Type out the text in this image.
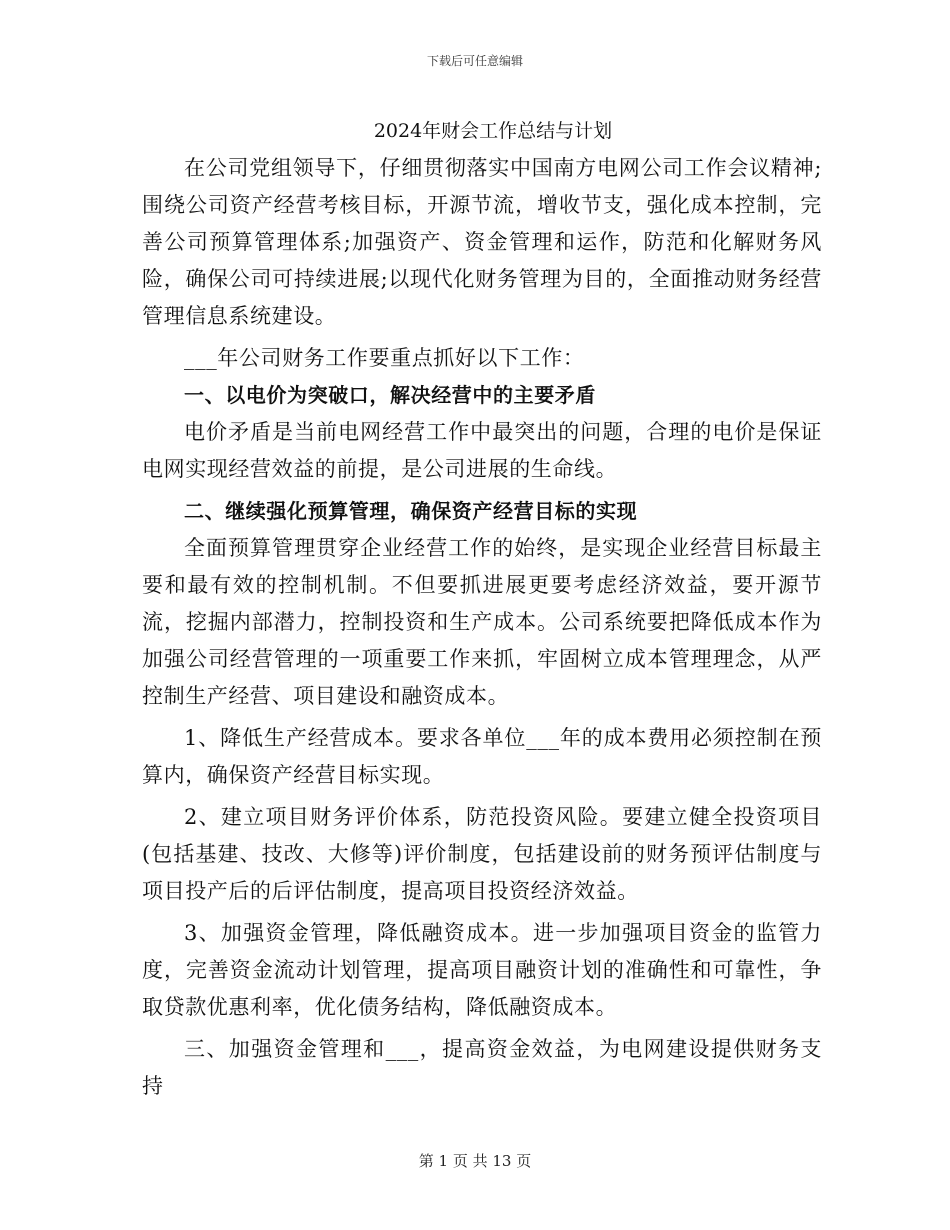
下载后可任意编辑
2024年财会工作总结与计划

在公司党组领导下，仔细贯彻落实中国南方电网公司工作会议精神;围绕公司资产经营考核目标，开源节流，增收节支，强化成本控制，完善公司预算管理体系;加强资产、资金管理和运作，防范和化解财务风险，确保公司可持续进展;以现代化财务管理为目的，全面推动财务经营管理信息系统建设。

___年公司财务工作要重点抓好以下工作：

一、以电价为突破口，解决经营中的主要矛盾

电价矛盾是当前电网经营工作中最突出的问题，合理的电价是保证电网实现经营效益的前提，是公司进展的生命线。

二、继续强化预算管理，确保资产经营目标的实现

全面预算管理贯穿企业经营工作的始终，是实现企业经营目标最主要和最有效的控制机制。不但要抓进展更要考虑经济效益，要开源节流，挖掘内部潜力，控制投资和生产成本。公司系统要把降低成本作为加强公司经营管理的一项重要工作来抓，牢固树立成本管理理念，从严控制生产经营、项目建设和融资成本。

1、降低生产经营成本。要求各单位___年的成本费用必须控制在预算内，确保资产经营目标实现。

2、建立项目财务评价体系，防范投资风险。要建立健全投资项目(包括基建、技改、大修等)评价制度，包括建设前的财务预评估制度与项目投产后的后评估制度，提高项目投资经济效益。

3、加强资金管理，降低融资成本。进一步加强项目资金的监管力度，完善资金流动计划管理，提高项目融资计划的准确性和可靠性，争取贷款优惠利率，优化债务结构，降低融资成本。

三、加强资金管理和___，提高资金效益，为电网建设提供财务支持

第 1 页 共 13 页
